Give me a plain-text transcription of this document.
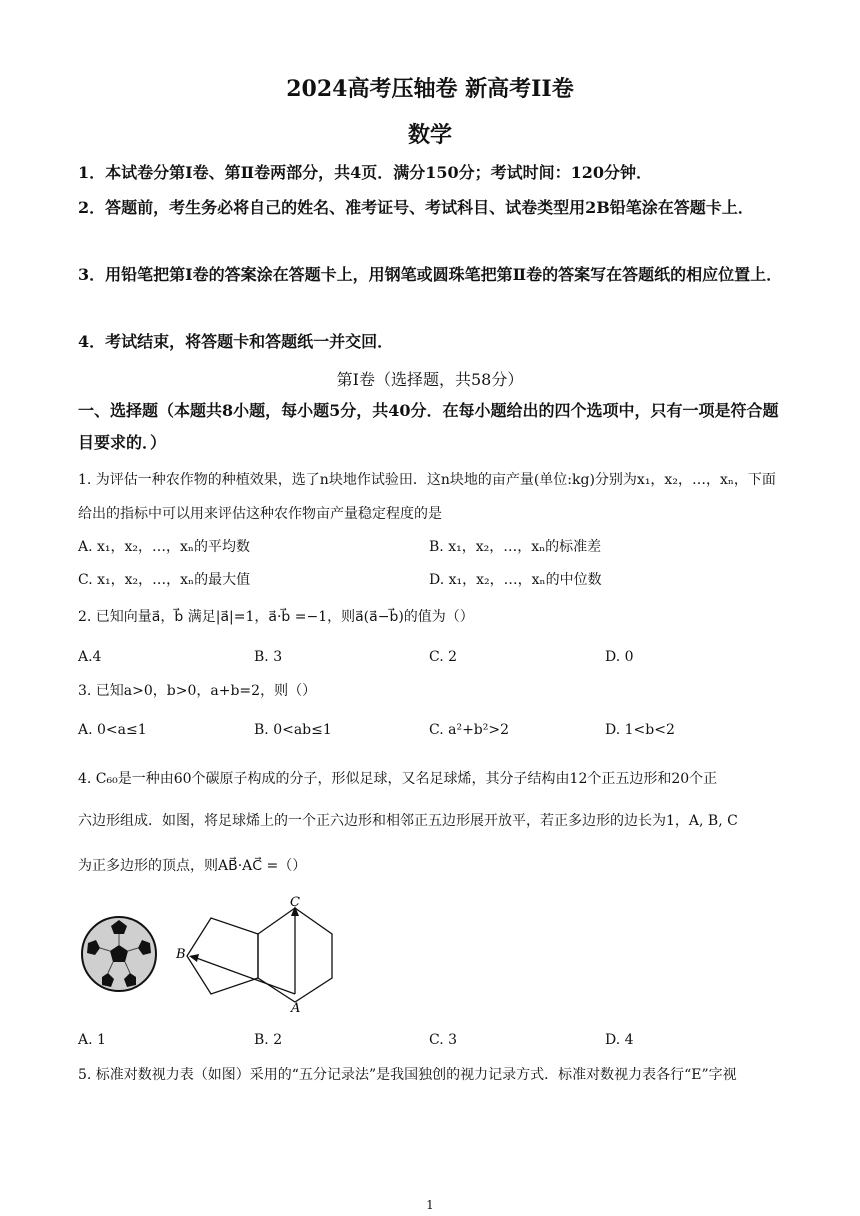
2024高考压轴卷 新高考II卷
数学
1．本试卷分第Ⅰ卷、第Ⅱ卷两部分，共4页．满分150分；考试时间：120分钟．
2．答题前，考生务必将自己的姓名、准考证号、考试科目、试卷类型用2B铅笔涂在答题卡上．
3．用铅笔把第Ⅰ卷的答案涂在答题卡上，用钢笔或圆珠笔把第Ⅱ卷的答案写在答题纸的相应位置上．
4．考试结束，将答题卡和答题纸一并交回．
第Ⅰ卷（选择题，共58分）
一、选择题（本题共8小题，每小题5分，共40分．在每小题给出的四个选项中，只有一项是符合题目要求的．）
1. 为评估一种农作物的种植效果，选了n块地作试验田．这n块地的亩产量(单位:kg)分别为x₁，x₂，…，xₙ，下面给出的指标中可以用来评估这种农作物亩产量稳定程度的是
A. x₁，x₂，…，xₙ的平均数	B. x₁，x₂，…，xₙ的标准差
C. x₁，x₂，…，xₙ的最大值	D. x₁，x₂，…，xₙ的中位数
2. 已知向量a⃗，b⃗ 满足|a⃗|=1，a⃗·b⃗ =−1，则a⃗(a⃗−b⃗)的值为（）
A.4	B. 3	C. 2	D. 0
3. 已知a>0，b>0，a+b=2，则（）
A. 0<a≤1	B. 0<ab≤1	C. a²+b²>2	D. 1<b<2
4. C₆₀是一种由60个碳原子构成的分子，形似足球，又名足球烯，其分子结构由12个正五边形和20个正
六边形组成．如图，将足球烯上的一个正六边形和相邻正五边形展开放平，若正多边形的边长为1，A, B, C
为正多边形的顶点，则AB⃗·AC⃗ =（）
C
B
A
A. 1	B. 2	C. 3	D. 4
5. 标准对数视力表（如图）采用的“五分记录法”是我国独创的视力记录方式．标准对数视力表各行“E”字视
1
